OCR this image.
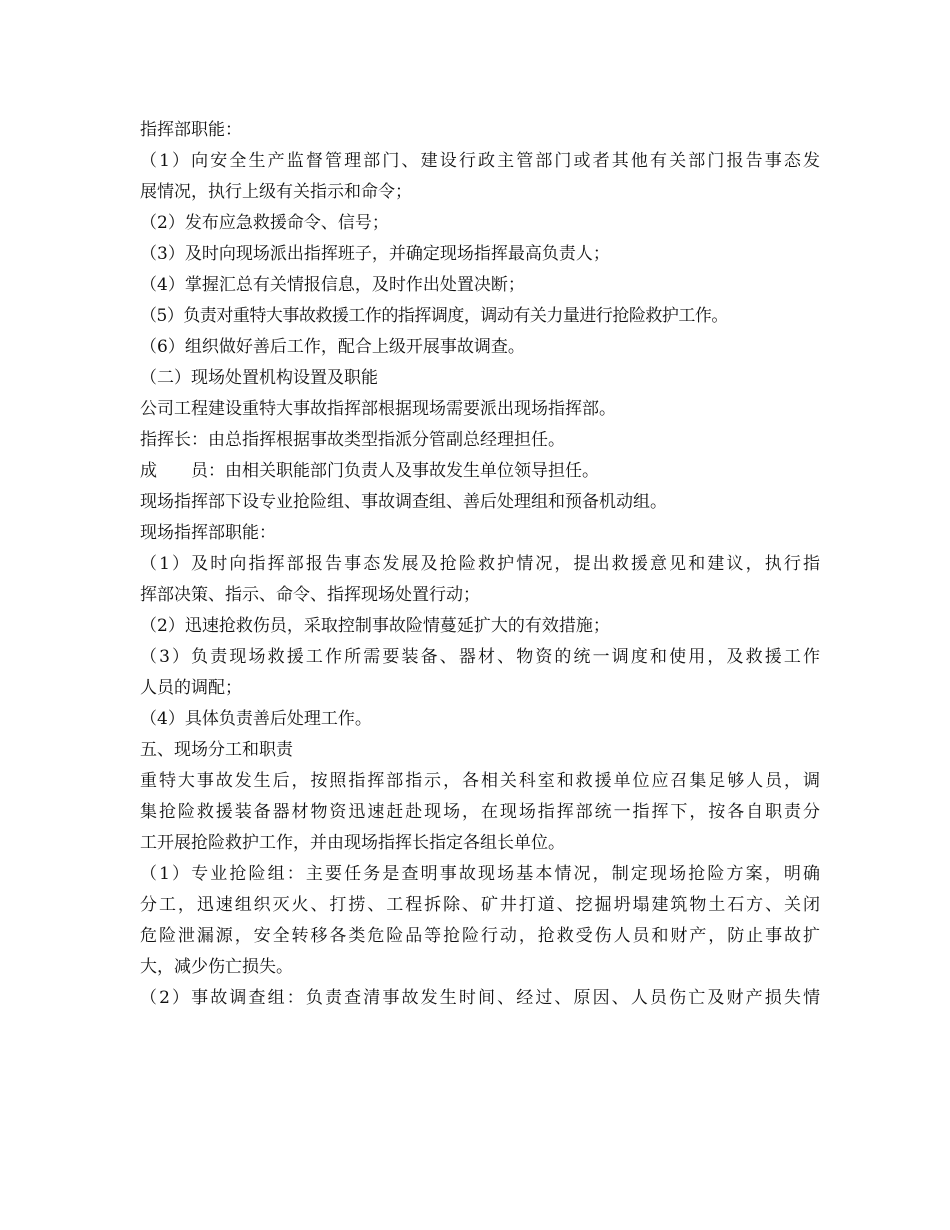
指挥部职能：
（1）向安全生产监督管理部门、建设行政主管部门或者其他有关部门报告事态发
展情况，执行上级有关指示和命令；
（2）发布应急救援命令、信号；
（3）及时向现场派出指挥班子，并确定现场指挥最高负责人；
（4）掌握汇总有关情报信息，及时作出处置决断；
（5）负责对重特大事故救援工作的指挥调度，调动有关力量进行抢险救护工作。
（6）组织做好善后工作，配合上级开展事故调查。
（二）现场处置机构设置及职能
公司工程建设重特大事故指挥部根据现场需要派出现场指挥部。
指挥长：由总指挥根据事故类型指派分管副总经理担任。
成　　员：由相关职能部门负责人及事故发生单位领导担任。
现场指挥部下设专业抢险组、事故调查组、善后处理组和预备机动组。
现场指挥部职能：
（1）及时向指挥部报告事态发展及抢险救护情况，提出救援意见和建议，执行指
挥部决策、指示、命令、指挥现场处置行动；
（2）迅速抢救伤员，采取控制事故险情蔓延扩大的有效措施；
（3）负责现场救援工作所需要装备、器材、物资的统一调度和使用，及救援工作
人员的调配；
（4）具体负责善后处理工作。
五、现场分工和职责
重特大事故发生后，按照指挥部指示，各相关科室和救援单位应召集足够人员，调
集抢险救援装备器材物资迅速赶赴现场，在现场指挥部统一指挥下，按各自职责分
工开展抢险救护工作，并由现场指挥长指定各组长单位。
（1）专业抢险组：主要任务是查明事故现场基本情况，制定现场抢险方案，明确
分工，迅速组织灭火、打捞、工程拆除、矿井打道、挖掘坍塌建筑物土石方、关闭
危险泄漏源，安全转移各类危险品等抢险行动，抢救受伤人员和财产，防止事故扩
大，减少伤亡损失。
（2）事故调查组：负责查清事故发生时间、经过、原因、人员伤亡及财产损失情
